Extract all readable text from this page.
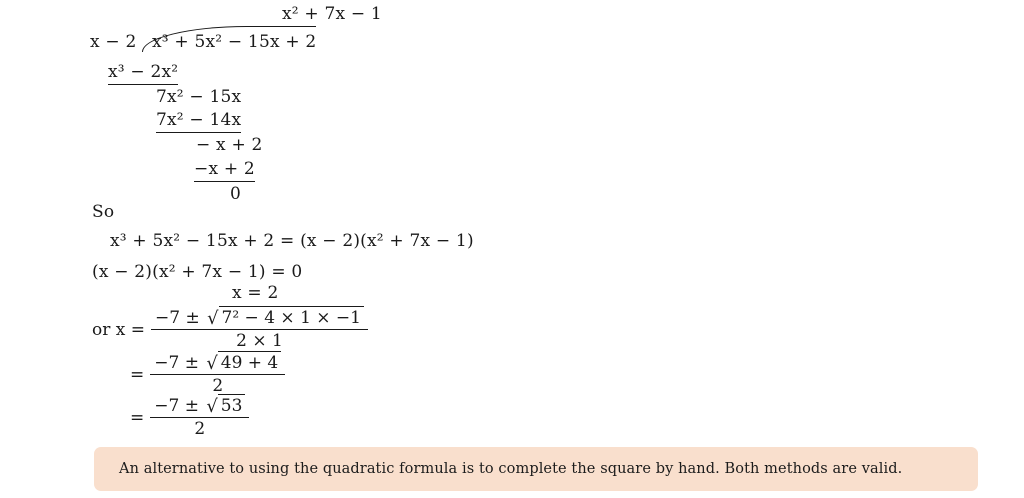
x² + 7x − 1
x − 2 x³ + 5x² − 15x + 2
x³ − 2x²
7x² − 15x
7x² − 14x
− x + 2
−x + 2
0
So
x³ + 5x² − 15x + 2 = (x − 2)(x² + 7x − 1)
(x − 2)(x² + 7x − 1) = 0
x = 2
or $x = \frac{\text{−7 ± √ 7² − 4 × 1 × −1}}{2 \times 1}$
= $\frac{-7 \pm √ 49 + 4}{2}$
= $\frac{-7 \pm √ 53}{2}$
An alternative to using the quadratic formula is to complete the square by hand. Both methods are valid.
